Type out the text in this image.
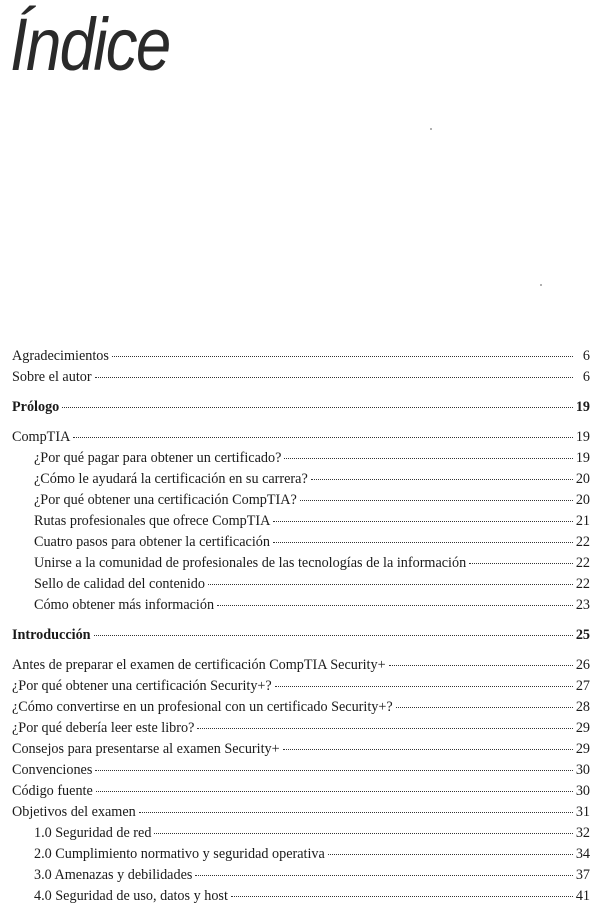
Índice
Agradecimientos	6
Sobre el autor	6
Prólogo	19
CompTIA	19
¿Por qué pagar para obtener un certificado?	19
¿Cómo le ayudará la certificación en su carrera?	20
¿Por qué obtener una certificación CompTIA?	20
Rutas profesionales que ofrece CompTIA	21
Cuatro pasos para obtener la certificación	22
Unirse a la comunidad de profesionales de las tecnologías de la información	22
Sello de calidad del contenido	22
Cómo obtener más información	23
Introducción	25
Antes de preparar el examen de certificación CompTIA Security+	26
¿Por qué obtener una certificación Security+?	27
¿Cómo convertirse en un profesional con un certificado Security+?	28
¿Por qué debería leer este libro?	29
Consejos para presentarse al examen Security+	29
Convenciones	30
Código fuente	30
Objetivos del examen	31
1.0 Seguridad de red	32
2.0 Cumplimiento normativo y seguridad operativa	34
3.0 Amenazas y debilidades	37
4.0 Seguridad de uso, datos y host	41
